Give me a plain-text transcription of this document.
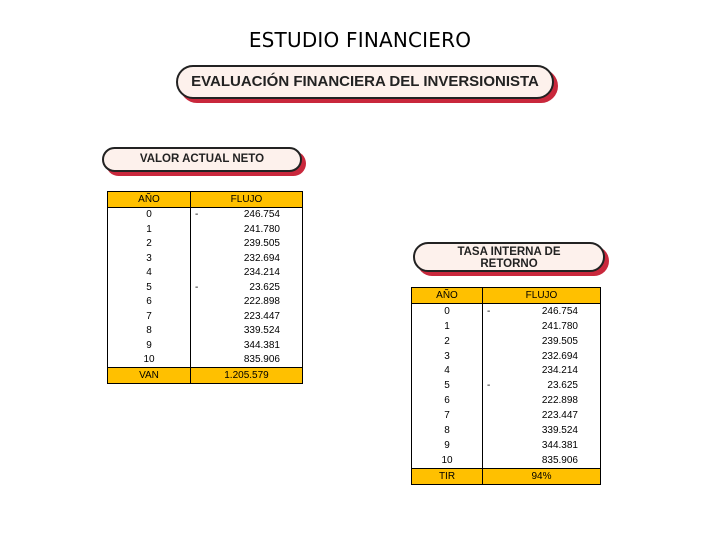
ESTUDIO FINANCIERO
EVALUACIÓN FINANCIERA DEL INVERSIONISTA
VALOR ACTUAL NETO
TASA INTERNA DE
RETORNO
AÑO	FLUJO	
0	-	246.754
1		241.780
2		239.505
3		232.694
4		234.214
5	-	23.625
6		222.898
7		223.447
8		339.524
9		344.381
10		835.906
VAN	1.205.579	
AÑO	FLUJO	
0	-	246.754
1		241.780
2		239.505
3		232.694
4		234.214
5	-	23.625
6		222.898
7		223.447
8		339.524
9		344.381
10		835.906
TIR	94%	
